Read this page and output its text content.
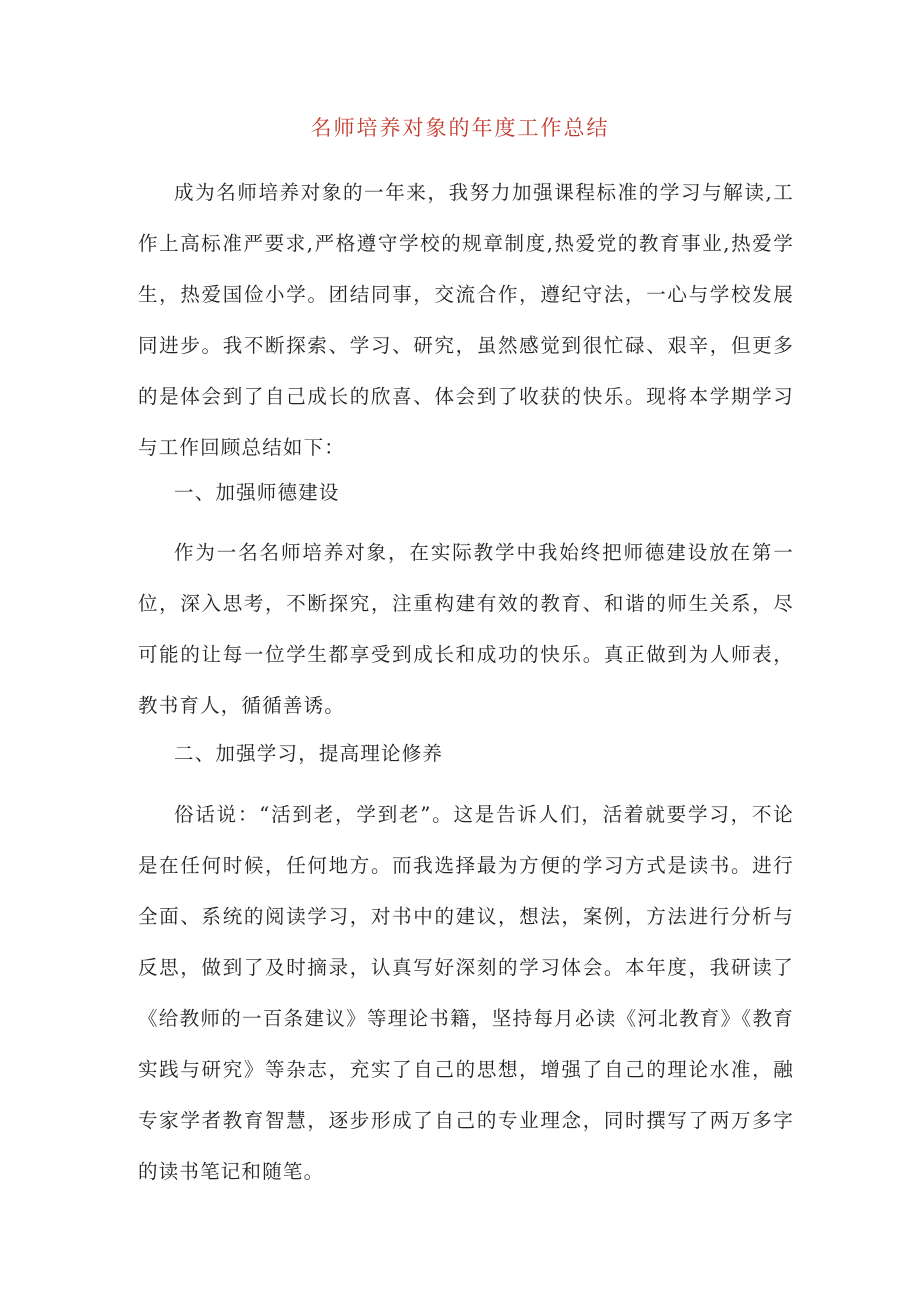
名师培养对象的年度工作总结

成为名师培养对象的一年来，我努力加强课程标准的学习与解读,工作上高标准严要求,严格遵守学校的规章制度,热爱党的教育事业,热爱学生，热爱国俭小学。团结同事，交流合作，遵纪守法，一心与学校发展同进步。我不断探索、学习、研究，虽然感觉到很忙碌、艰辛，但更多的是体会到了自己成长的欣喜、体会到了收获的快乐。现将本学期学习与工作回顾总结如下：

一、加强师德建设

作为一名名师培养对象，在实际教学中我始终把师德建设放在第一位，深入思考，不断探究，注重构建有效的教育、和谐的师生关系，尽可能的让每一位学生都享受到成长和成功的快乐。真正做到为人师表，教书育人，循循善诱。

二、加强学习，提高理论修养

俗话说：“活到老，学到老”。这是告诉人们，活着就要学习，不论是在任何时候，任何地方。而我选择最为方便的学习方式是读书。进行全面、系统的阅读学习，对书中的建议，想法，案例，方法进行分析与反思，做到了及时摘录，认真写好深刻的学习体会。本年度，我研读了《给教师的一百条建议》等理论书籍，坚持每月必读《河北教育》《教育实践与研究》等杂志，充实了自己的思想，增强了自己的理论水准，融专家学者教育智慧，逐步形成了自己的专业理念，同时撰写了两万多字的读书笔记和随笔。
